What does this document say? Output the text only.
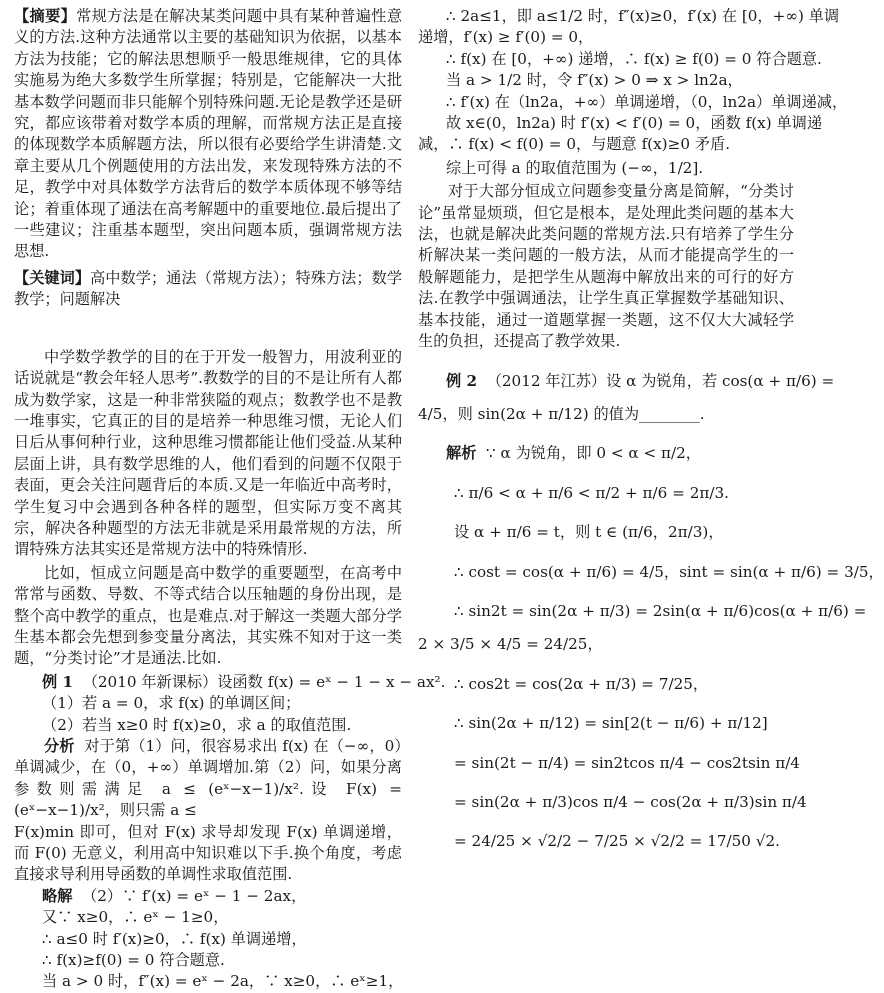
【摘要】常规方法是在解决某类问题中具有某种普遍性意义的方法.这种方法通常以主要的基础知识为依据，以基本方法为技能；它的解法思想顺乎一般思维规律，它的具体实施易为绝大多数学生所掌握；特别是，它能解决一大批基本数学问题而非只能解个别特殊问题.无论是教学还是研究，都应该带着对数学本质的理解，而常规方法正是直接的体现数学本质解题方法，所以很有必要给学生讲清楚.文章主要从几个例题使用的方法出发，来发现特殊方法的不足，教学中对具体数学方法背后的数学本质体现不够等结论；着重体现了通法在高考解题中的重要地位.最后提出了一些建议；注重基本题型，突出问题本质，强调常规方法思想.

【关键词】高中数学；通法（常规方法）；特殊方法；数学教学；问题解决

中学数学教学的目的在于开发一般智力，用波利亚的话说就是“教会年轻人思考”.教数学的目的不是让所有人都成为数学家，这是一种非常狭隘的观点；数教学也不是教一堆事实，它真正的目的是培养一种思维习惯，无论人们日后从事何种行业，这种思维习惯都能让他们受益.从某种层面上讲，具有数学思维的人，他们看到的问题不仅限于表面，更会关注问题背后的本质.又是一年临近中高考时，学生复习中会遇到各种各样的题型，但实际万变不离其宗，解决各种题型的方法无非就是采用最常规的方法，所谓特殊方法其实还是常规方法中的特殊情形.

比如，恒成立问题是高中数学的重要题型，在高考中常常与函数、导数、不等式结合以压轴题的身份出现，是整个高中教学的重点，也是难点.对于解这一类题大部分学生基本都会先想到参变量分离法，其实殊不知对于这一类题，“分类讨论”才是通法.比如.

例 1 （2010 年新课标）设函数 f(x) = eˣ − 1 − x − ax².

（1）若 a = 0，求 f(x) 的单调区间；

（2）若当 x≥0 时 f(x)≥0，求 a 的取值范围.

分析 对于第（1）问，很容易求出 f(x) 在（−∞，0）单调减少，在（0，+∞）单调增加.第（2）问，如果分离参数则需满足 a ≤ (eˣ−x−1)/x².设 F(x) = (eˣ−x−1)/x²，则只需 a ≤

F(x)min 即可，但对 F(x) 求导却发现 F(x) 单调递增，而 F(0) 无意义，利用高中知识难以下手.换个角度，考虑直接求导利用导函数的单调性求取值范围.

略解 （2）∵ f′(x) = eˣ − 1 − 2ax，

又∵ x≥0，∴ eˣ − 1≥0，

∴ a≤0 时 f′(x)≥0，∴ f(x) 单调递增，

∴ f(x)≥f(0) = 0 符合题意.

当 a > 0 时，f″(x) = eˣ − 2a，∵ x≥0，∴ eˣ≥1，

∴ 2a≤1，即 a≤1/2 时，f″(x)≥0，f′(x) 在 [0，+∞) 单调

递增，f′(x) ≥ f′(0) = 0，

∴ f(x) 在 [0，+∞) 递增，∴ f(x) ≥ f(0) = 0 符合题意.

当 a > 1/2 时，令 f″(x) > 0 ⇒ x > ln2a，

∴ f′(x) 在（ln2a，+∞）单调递增，（0，ln2a）单调递减，

故 x∈(0，ln2a) 时 f′(x) < f′(0) = 0，函数 f(x) 单调递

减，∴ f(x) < f(0) = 0，与题意 f(x)≥0 矛盾.

综上可得 a 的取值范围为 (−∞，1/2].

对于大部分恒成立问题参变量分离是简解，“分类讨论”虽常显烦琐，但它是根本，是处理此类问题的基本大法，也就是解决此类问题的常规方法.只有培养了学生分析解决某一类问题的一般方法，从而才能提高学生的一般解题能力，是把学生从题海中解放出来的可行的好方法.在教学中强调通法，让学生真正掌握数学基础知识、基本技能，通过一道题掌握一类题，这不仅大大减轻学生的负担，还提高了教学效果.

例 2 （2012 年江苏）设 α 为锐角，若 cos(α + π/6) =

4/5，则 sin(2α + π/12) 的值为________.

解析 ∵ α 为锐角，即 0 < α < π/2，

∴ π/6 < α + π/6 < π/2 + π/6 = 2π/3.

设 α + π/6 = t，则 t ∈ (π/6，2π/3)，

∴ cost = cos(α + π/6) = 4/5，sint = sin(α + π/6) = 3/5，

∴ sin2t = sin(2α + π/3) = 2sin(α + π/6)cos(α + π/6) =

2 × 3/5 × 4/5 = 24/25，

∴ cos2t = cos(2α + π/3) = 7/25，

∴ sin(2α + π/12) = sin[2(t − π/6) + π/12]

= sin(2t − π/4) = sin2tcos π/4 − cos2tsin π/4

= sin(2α + π/3)cos π/4 − cos(2α + π/3)sin π/4

= 24/25 × √2/2 − 7/25 × √2/2 = 17/50 √2.
